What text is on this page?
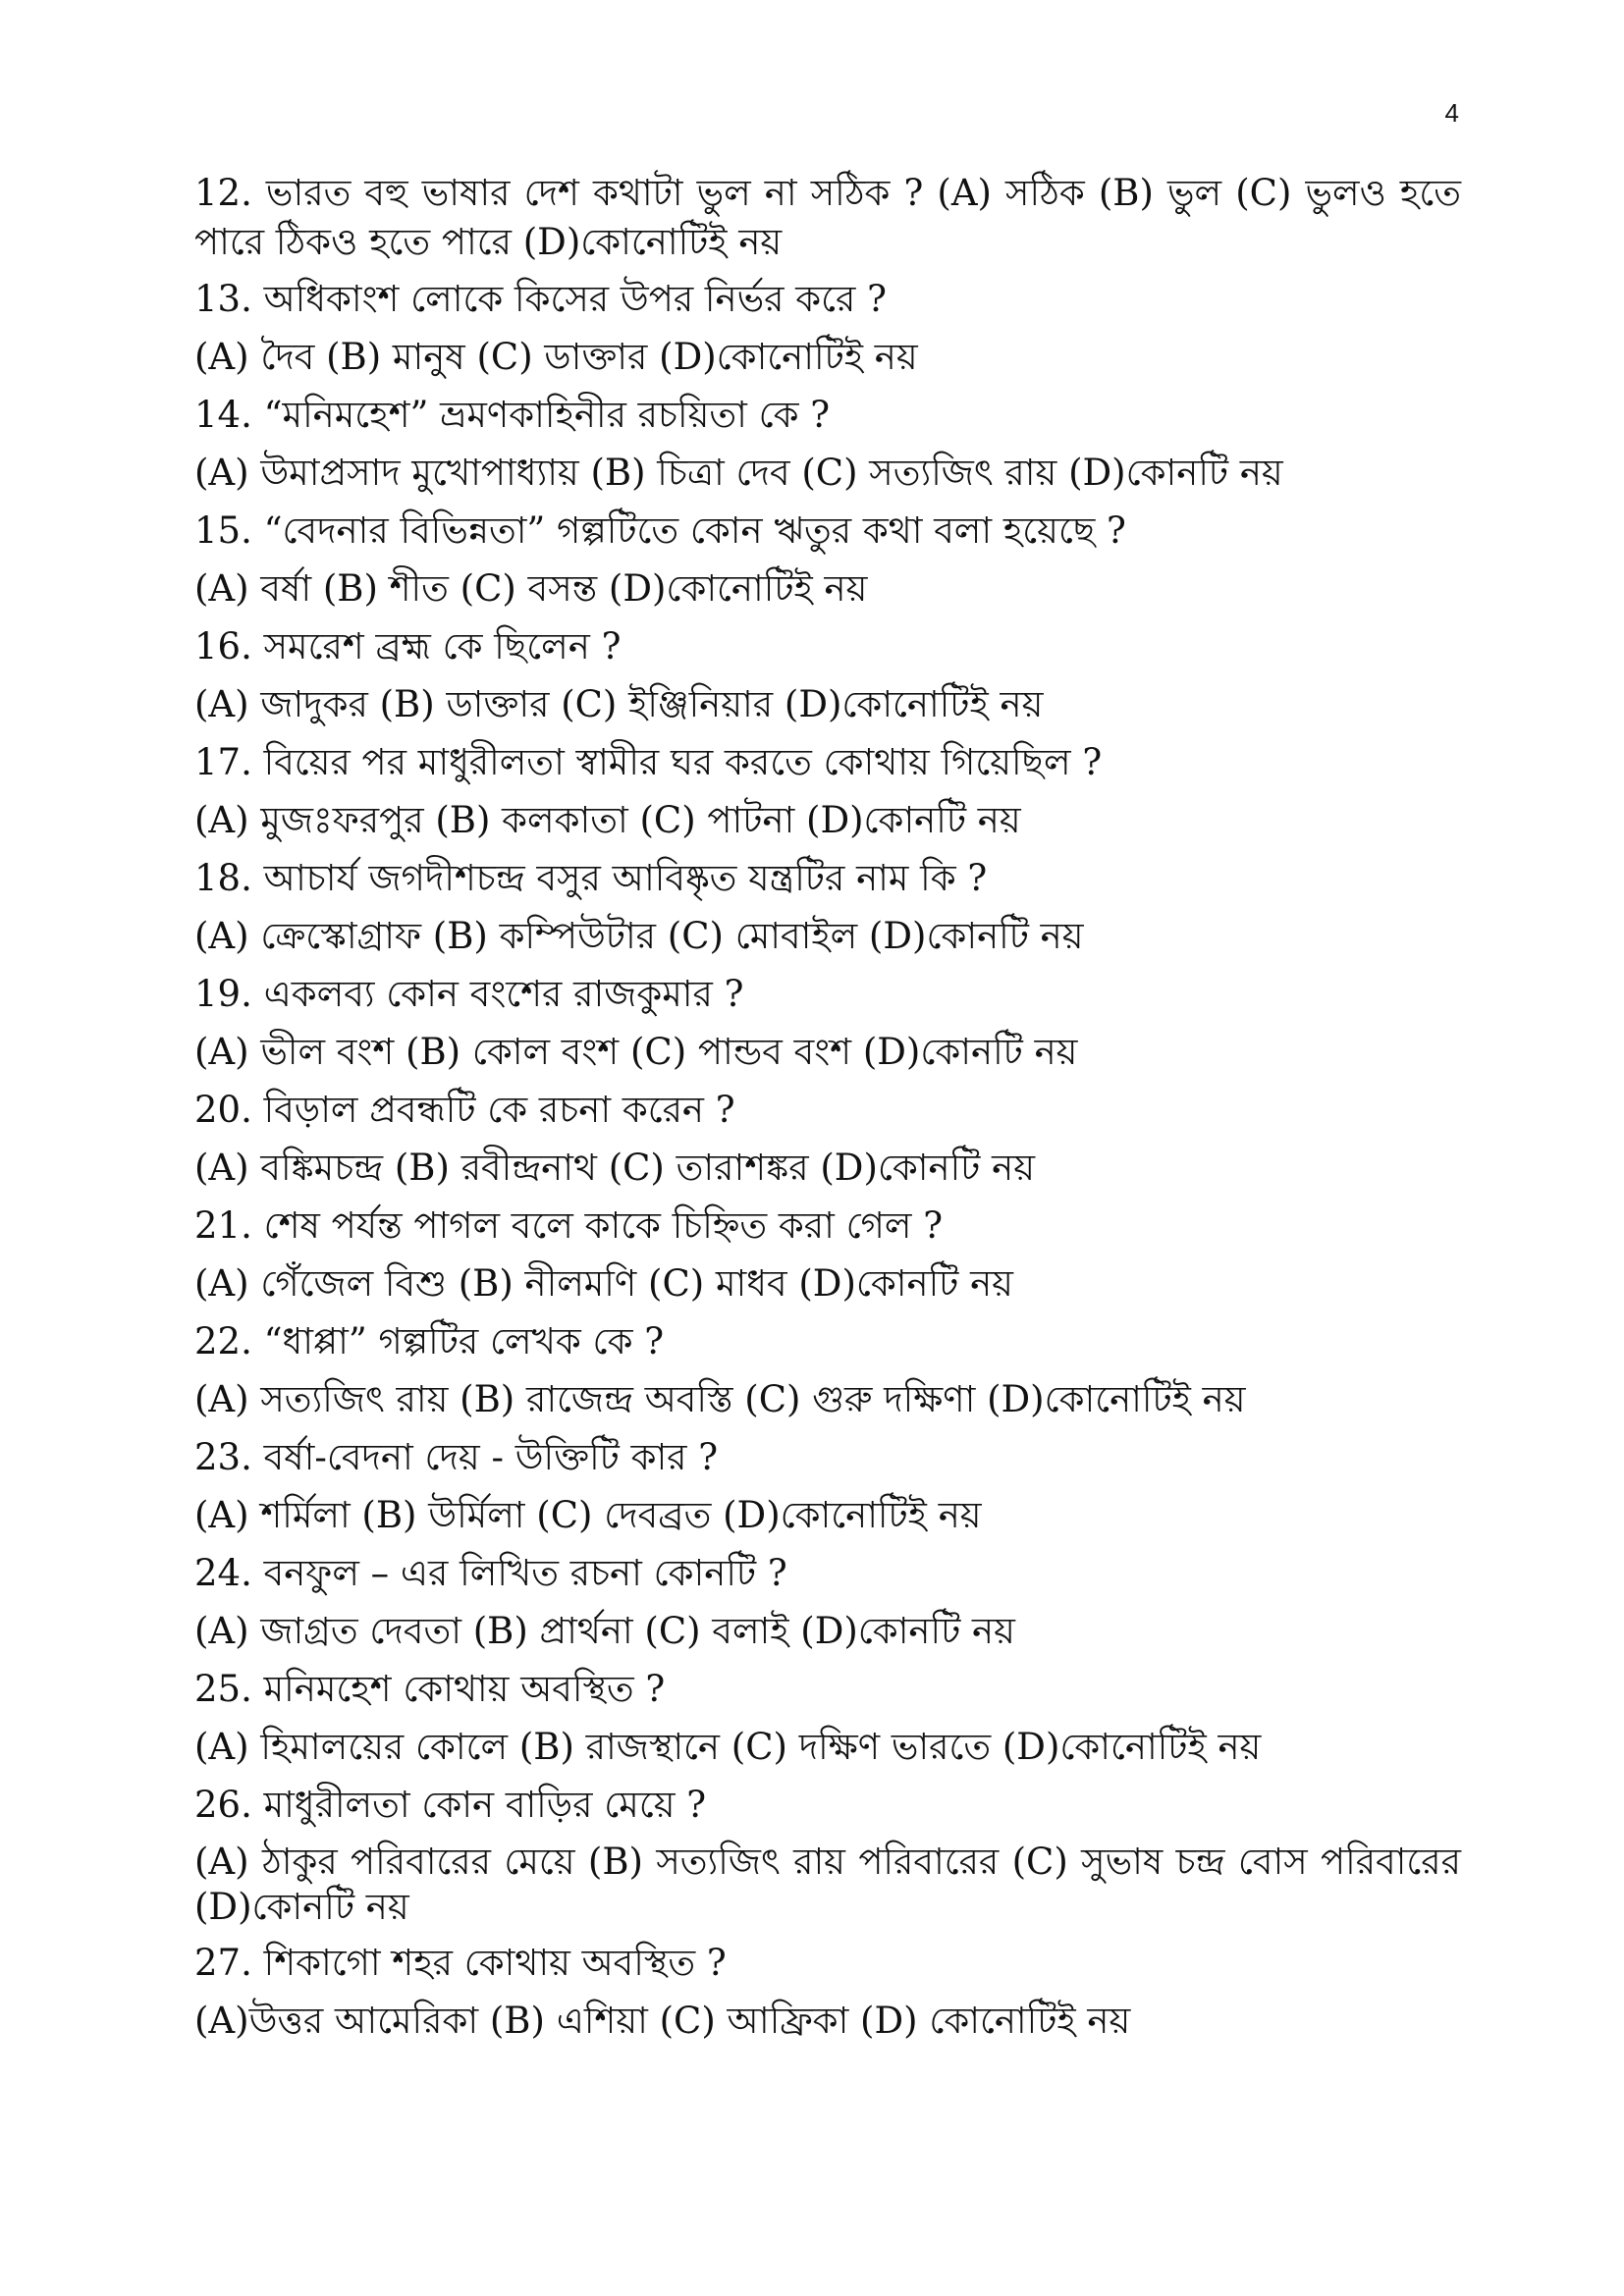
4

12. ভারত বহু ভাষার দেশ কথাটা ভুল না সঠিক ? (A) সঠিক (B) ভুল (C) ভুলও হতে পারে ঠিকও হতে পারে (D)কোনোটিই নয়

13. অধিকাংশ লোকে কিসের উপর নির্ভর করে ?

(A) দৈব (B) মানুষ (C) ডাক্তার (D)কোনোটিই নয়

14. “মনিমহেশ” ভ্রমণকাহিনীর রচয়িতা কে ?

(A) উমাপ্রসাদ মুখোপাধ্যায় (B) চিত্রা দেব (C) সত্যজিৎ রায় (D)কোনটি নয়

15. “বেদনার বিভিন্নতা” গল্পটিতে কোন ঋতুর কথা বলা হয়েছে ?

(A) বর্ষা (B) শীত (C) বসন্ত (D)কোনোটিই নয়

16. সমরেশ ব্রহ্ম কে ছিলেন ?

(A) জাদুকর (B) ডাক্তার (C) ইঞ্জিনিয়ার (D)কোনোটিই নয়

17. বিয়ের পর মাধুরীলতা স্বামীর ঘর করতে কোথায় গিয়েছিল ?

(A) মুজঃফরপুর (B) কলকাতা (C) পাটনা (D)কোনটি নয়

18. আচার্য জগদীশচন্দ্র বসুর আবিষ্কৃত যন্ত্রটির নাম কি ?

(A) ক্রেস্কোগ্রাফ (B) কম্পিউটার (C) মোবাইল (D)কোনটি নয়

19. একলব্য কোন বংশের রাজকুমার ?

(A) ভীল বংশ (B) কোল বংশ (C) পান্ডব বংশ (D)কোনটি নয়

20. বিড়াল প্রবন্ধটি কে রচনা করেন ?

(A) বঙ্কিমচন্দ্র (B) রবীন্দ্রনাথ (C) তারাশঙ্কর (D)কোনটি নয়

21. শেষ পর্যন্ত পাগল বলে কাকে চিহ্নিত করা গেল ?

(A) গেঁজেল বিশু (B) নীলমণি (C) মাধব (D)কোনটি নয়

22. “ধাপ্পা” গল্পটির লেখক কে ?

(A) সত্যজিৎ রায় (B) রাজেন্দ্র অবস্তি (C) গুরু দক্ষিণা (D)কোনোটিই নয়

23. বর্ষা-বেদনা দেয় - উক্তিটি কার ?

(A) শর্মিলা (B) উর্মিলা (C) দেবব্রত (D)কোনোটিই নয়

24. বনফুল – এর লিখিত রচনা কোনটি ?

(A) জাগ্রত দেবতা (B) প্রার্থনা (C) বলাই (D)কোনটি নয়

25. মনিমহেশ কোথায় অবস্থিত ?

(A) হিমালয়ের কোলে (B) রাজস্থানে (C) দক্ষিণ ভারতে (D)কোনোটিই নয়

26. মাধুরীলতা কোন বাড়ির মেয়ে ?

(A) ঠাকুর পরিবারের মেয়ে (B) সত্যজিৎ রায় পরিবারের (C) সুভাষ চন্দ্র বোস পরিবারের (D)কোনটি নয়

27. শিকাগো শহর কোথায় অবস্থিত ?

(A)উত্তর আমেরিকা (B) এশিয়া (C) আফ্রিকা (D) কোনোটিই নয়
